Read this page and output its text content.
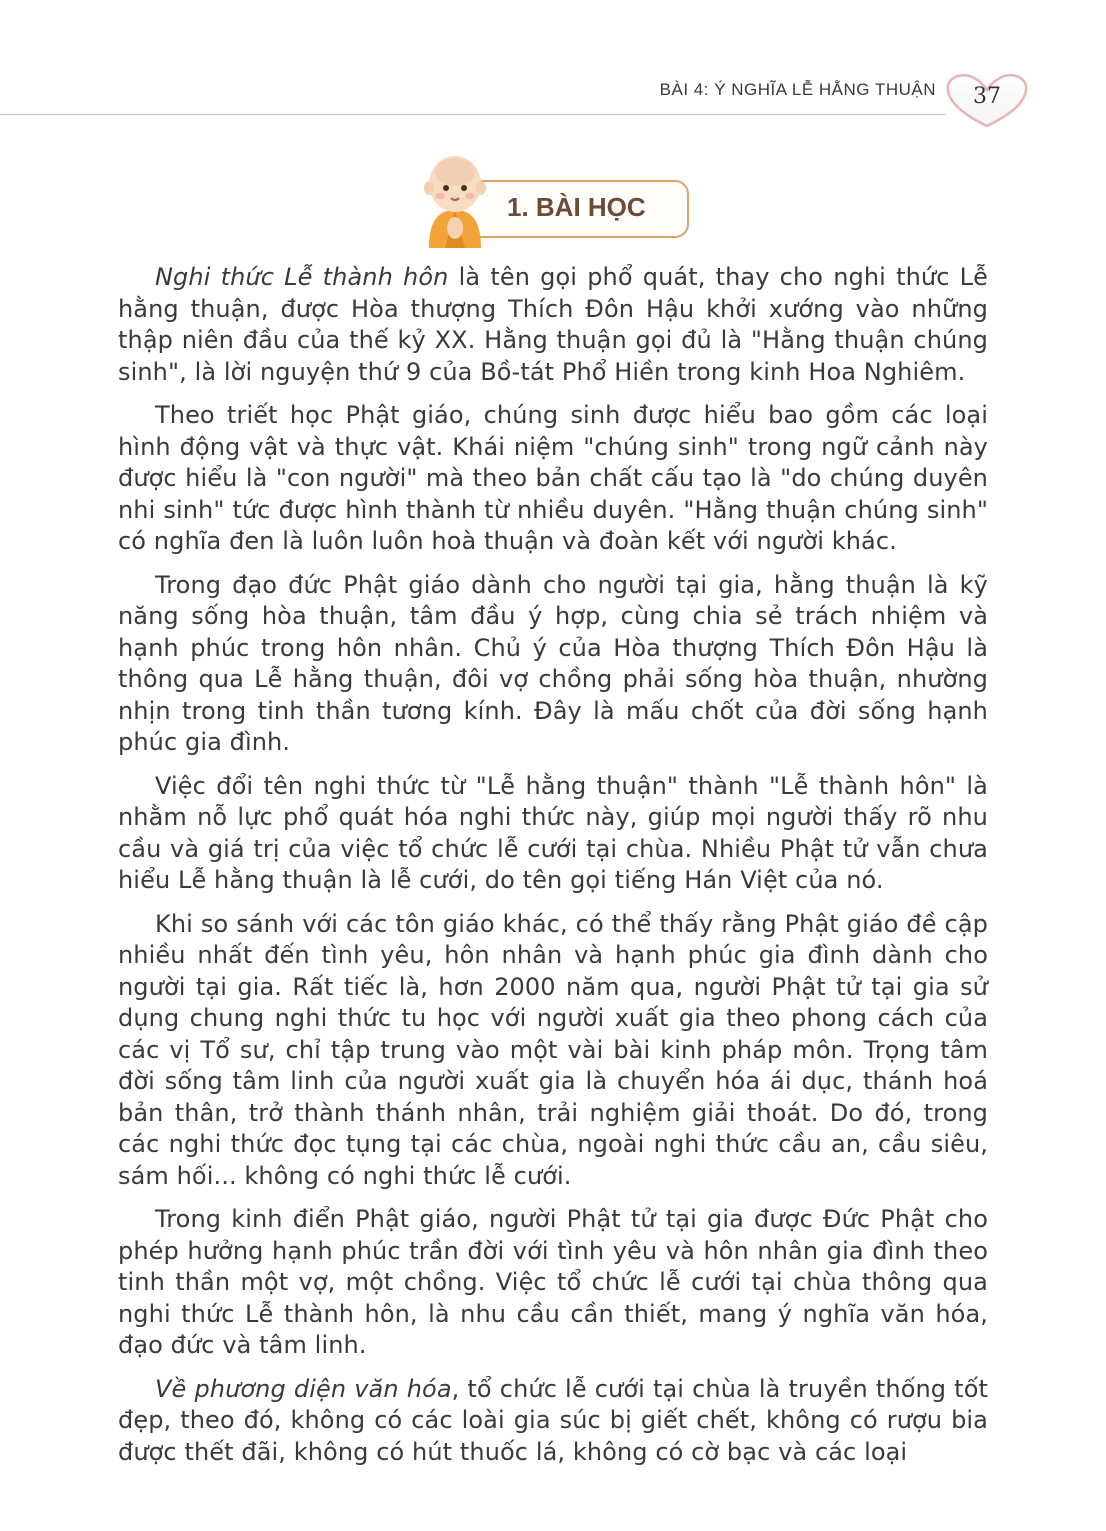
BÀI 4: Ý NGHĨA LỄ HẰNG THUẬN	37
1. BÀI HỌC

Nghi thức Lễ thành hôn là tên gọi phổ quát, thay cho nghi thức Lễ hằng thuận, được Hòa thượng Thích Đôn Hậu khởi xướng vào những thập niên đầu của thế kỷ XX. Hằng thuận gọi đủ là "Hằng thuận chúng sinh", là lời nguyện thứ 9 của Bồ-tát Phổ Hiền trong kinh Hoa Nghiêm.

Theo triết học Phật giáo, chúng sinh được hiểu bao gồm các loại hình động vật và thực vật. Khái niệm "chúng sinh" trong ngữ cảnh này được hiểu là "con người" mà theo bản chất cấu tạo là "do chúng duyên nhi sinh" tức được hình thành từ nhiều duyên. "Hằng thuận chúng sinh" có nghĩa đen là luôn luôn hoà thuận và đoàn kết với người khác.

Trong đạo đức Phật giáo dành cho người tại gia, hằng thuận là kỹ năng sống hòa thuận, tâm đầu ý hợp, cùng chia sẻ trách nhiệm và hạnh phúc trong hôn nhân. Chủ ý của Hòa thượng Thích Đôn Hậu là thông qua Lễ hằng thuận, đôi vợ chồng phải sống hòa thuận, nhường nhịn trong tinh thần tương kính. Đây là mấu chốt của đời sống hạnh phúc gia đình.

Việc đổi tên nghi thức từ "Lễ hằng thuận" thành "Lễ thành hôn" là nhằm nỗ lực phổ quát hóa nghi thức này, giúp mọi người thấy rõ nhu cầu và giá trị của việc tổ chức lễ cưới tại chùa. Nhiều Phật tử vẫn chưa hiểu Lễ hằng thuận là lễ cưới, do tên gọi tiếng Hán Việt của nó.

Khi so sánh với các tôn giáo khác, có thể thấy rằng Phật giáo đề cập nhiều nhất đến tình yêu, hôn nhân và hạnh phúc gia đình dành cho người tại gia. Rất tiếc là, hơn 2000 năm qua, người Phật tử tại gia sử dụng chung nghi thức tu học với người xuất gia theo phong cách của các vị Tổ sư, chỉ tập trung vào một vài bài kinh pháp môn. Trọng tâm đời sống tâm linh của người xuất gia là chuyển hóa ái dục, thánh hoá bản thân, trở thành thánh nhân, trải nghiệm giải thoát. Do đó, trong các nghi thức đọc tụng tại các chùa, ngoài nghi thức cầu an, cầu siêu, sám hối... không có nghi thức lễ cưới.

Trong kinh điển Phật giáo, người Phật tử tại gia được Đức Phật cho phép hưởng hạnh phúc trần đời với tình yêu và hôn nhân gia đình theo tinh thần một vợ, một chồng. Việc tổ chức lễ cưới tại chùa thông qua nghi thức Lễ thành hôn, là nhu cầu cần thiết, mang ý nghĩa văn hóa, đạo đức và tâm linh.

Về phương diện văn hóa, tổ chức lễ cưới tại chùa là truyền thống tốt đẹp, theo đó, không có các loài gia súc bị giết chết, không có rượu bia được thết đãi, không có hút thuốc lá, không có cờ bạc và các loại
